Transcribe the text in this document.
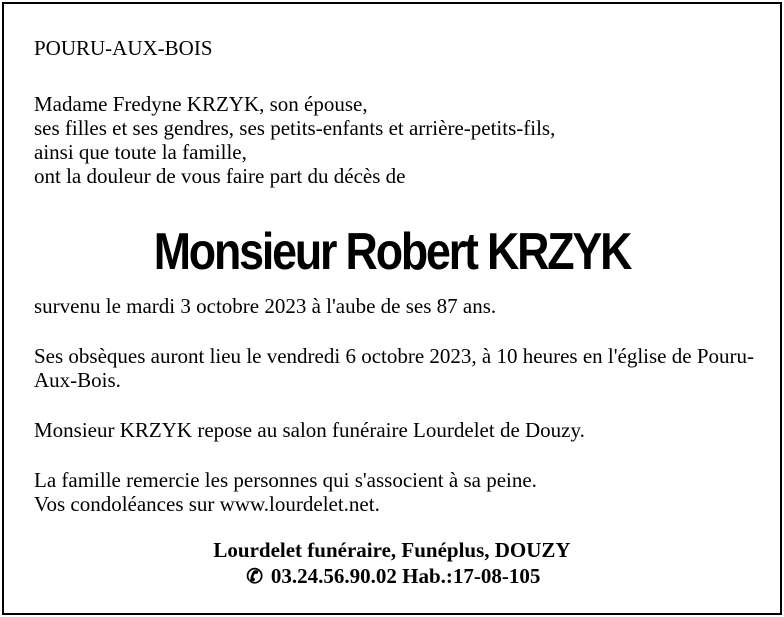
POURU-AUX-BOIS
Madame Fredyne KRZYK, son épouse,
ses filles et ses gendres, ses petits-enfants et arrière-petits-fils,
ainsi que toute la famille,
ont la douleur de vous faire part du décès de
Monsieur Robert KRZYK
survenu le mardi 3 octobre 2023 à l'aube de ses 87 ans.
Ses obsèques auront lieu le vendredi 6 octobre 2023, à 10 heures en l'église de Pouru-Aux-Bois.
Monsieur KRZYK repose au salon funéraire Lourdelet de Douzy.
La famille remercie les personnes qui s'associent à sa peine.
Vos condoléances sur www.lourdelet.net.
Lourdelet funéraire, Funéplus, DOUZY
✆ 03.24.56.90.02 Hab.:17-08-105
